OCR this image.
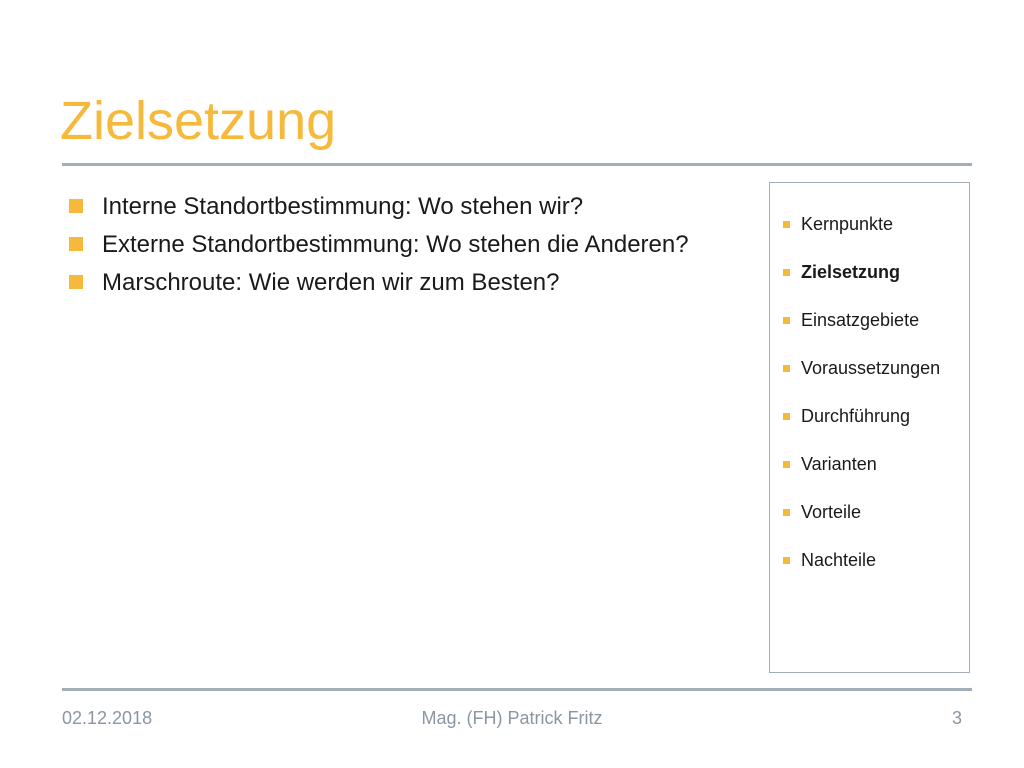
Zielsetzung
Interne Standortbestimmung: Wo stehen wir?
Externe Standortbestimmung: Wo stehen die Anderen?
Marschroute: Wie werden wir zum Besten?
Kernpunkte
Zielsetzung
Einsatzgebiete
Voraussetzungen
Durchführung
Varianten
Vorteile
Nachteile
02.12.2018	Mag. (FH) Patrick Fritz	3
